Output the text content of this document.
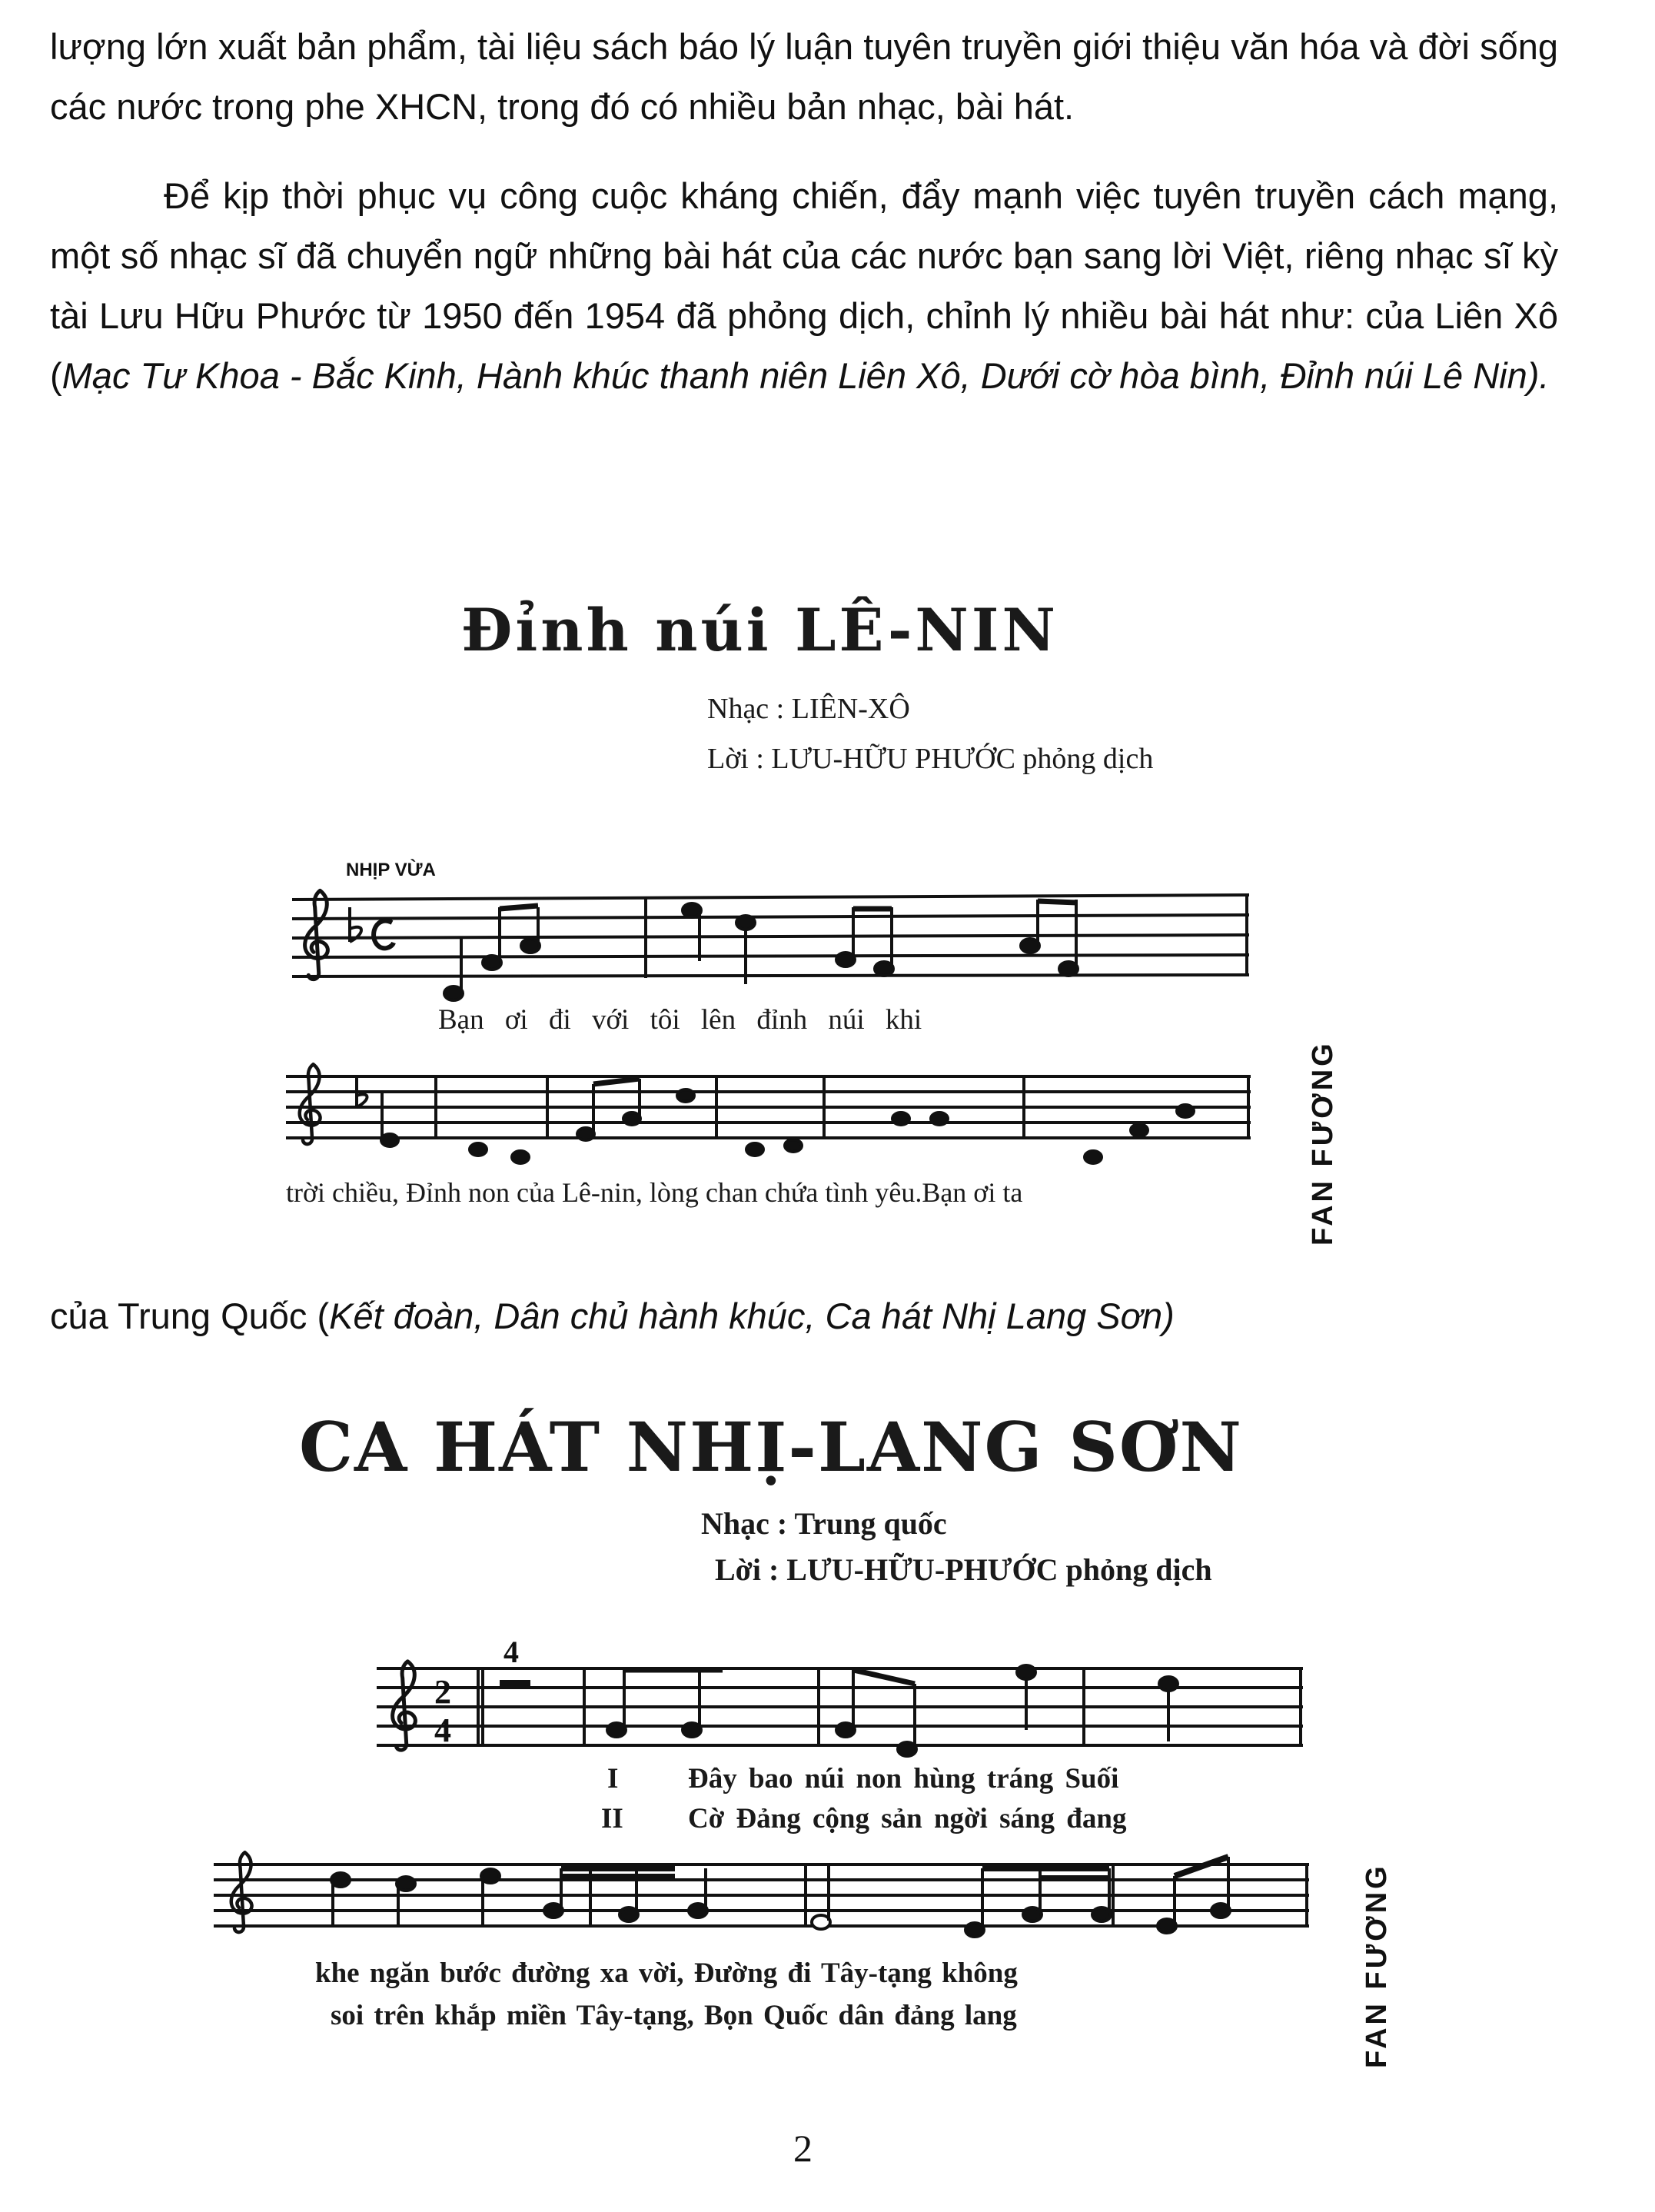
lượng lớn xuất bản phẩm, tài liệu sách báo lý luận tuyên truyền giới thiệu văn hóa và đời sống các nước trong phe XHCN, trong đó có nhiều bản nhạc, bài hát.

Để kịp thời phục vụ công cuộc kháng chiến, đẩy mạnh việc tuyên truyền cách mạng, một số nhạc sĩ đã chuyển ngữ những bài hát của các nước bạn sang lời Việt, riêng nhạc sĩ kỳ tài Lưu Hữu Phước từ 1950 đến 1954 đã phỏng dịch, chỉnh lý nhiều bài hát như: của Liên Xô (Mạc Tư Khoa - Bắc Kinh, Hành khúc thanh niên Liên Xô, Dưới cờ hòa bình, Đỉnh núi Lê Nin).

Đỉnh núi LÊ-NIN
Nhạc : LIÊN-XÔ
Lời : LƯU-HỮU PHƯỚC phỏng dịch
NHỊP VỪA
Bạn ơi đi với tôi lên đỉnh núi khi
trời chiều, Đỉnh non của Lê-nin, lòng chan chứa tình yêu.Bạn ơi ta	FAN FƯƠNG

của Trung Quốc (Kết đoàn, Dân chủ hành khúc, Ca hát Nhị Lang Sơn)

CA HÁT NHỊ-LANG SƠN
Nhạc : Trung quốc
Lời : LƯU-HỮU-PHƯỚC phỏng dịch
2
4
4
I Đây bao núi non hùng tráng Suối
II Cờ Đảng cộng sản ngời sáng đang
khe ngăn bước đường xa vời, Đường đi Tây-tạng không
soi trên khắp miền Tây-tạng, Bọn Quốc dân đảng lang	FAN FƯƠNG
2
